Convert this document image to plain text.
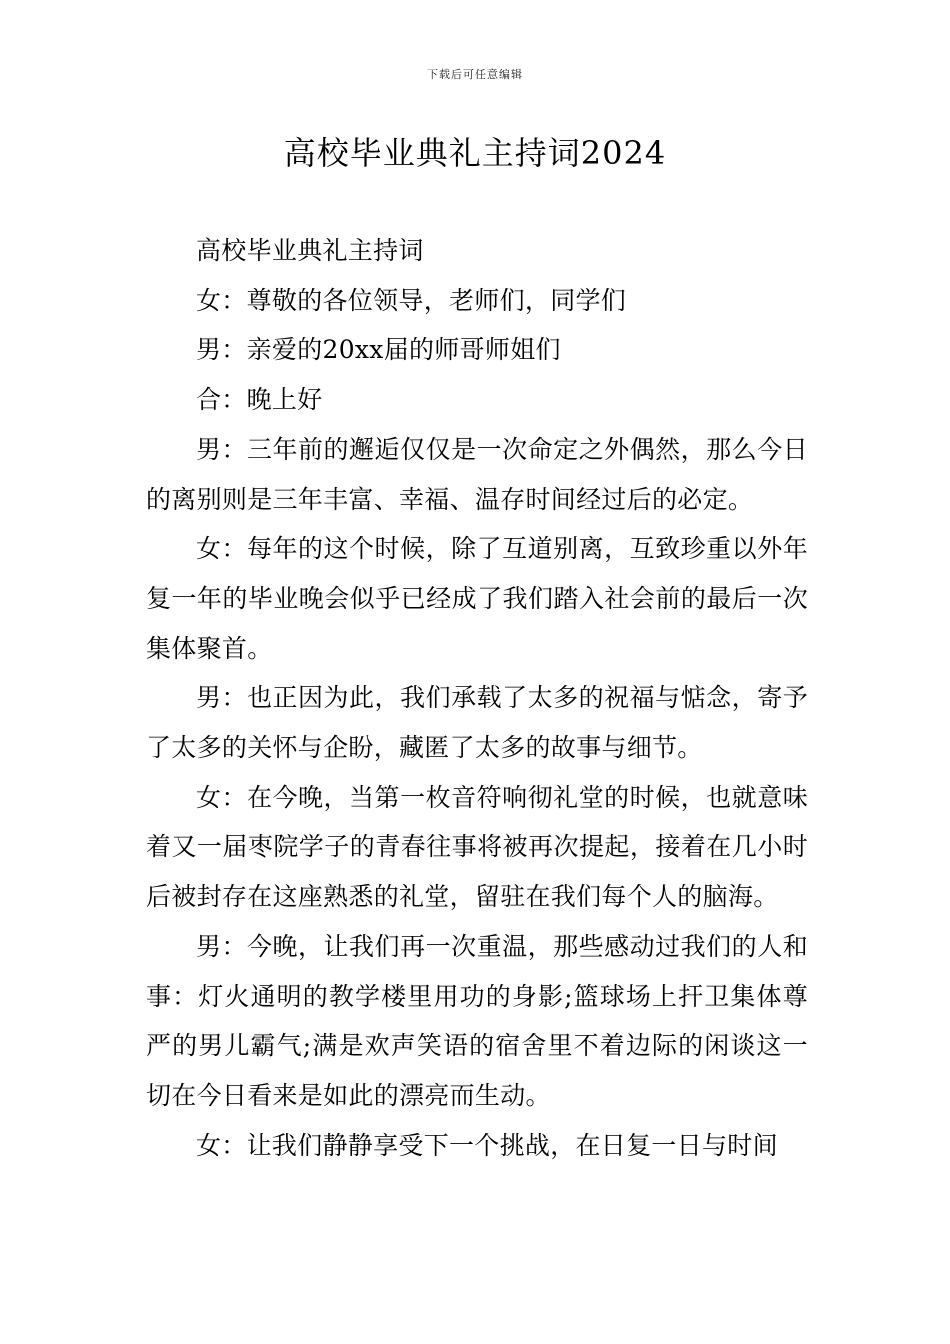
下载后可任意编辑
高校毕业典礼主持词2024

高校毕业典礼主持词

女：尊敬的各位领导，老师们，同学们

男：亲爱的20xx届的师哥师姐们

合：晚上好

男：三年前的邂逅仅仅是一次命定之外偶然，那么今日的离别则是三年丰富、幸福、温存时间经过后的必定。

女：每年的这个时候，除了互道别离，互致珍重以外年复一年的毕业晚会似乎已经成了我们踏入社会前的最后一次集体聚首。

男：也正因为此，我们承载了太多的祝福与惦念，寄予了太多的关怀与企盼，藏匿了太多的故事与细节。

女：在今晚，当第一枚音符响彻礼堂的时候，也就意味着又一届枣院学子的青春往事将被再次提起，接着在几小时后被封存在这座熟悉的礼堂，留驻在我们每个人的脑海。

男：今晚，让我们再一次重温，那些感动过我们的人和事：灯火通明的教学楼里用功的身影;篮球场上扞卫集体尊严的男儿霸气;满是欢声笑语的宿舍里不着边际的闲谈这一切在今日看来是如此的漂亮而生动。

女：让我们静静享受下一个挑战，在日复一日与时间
